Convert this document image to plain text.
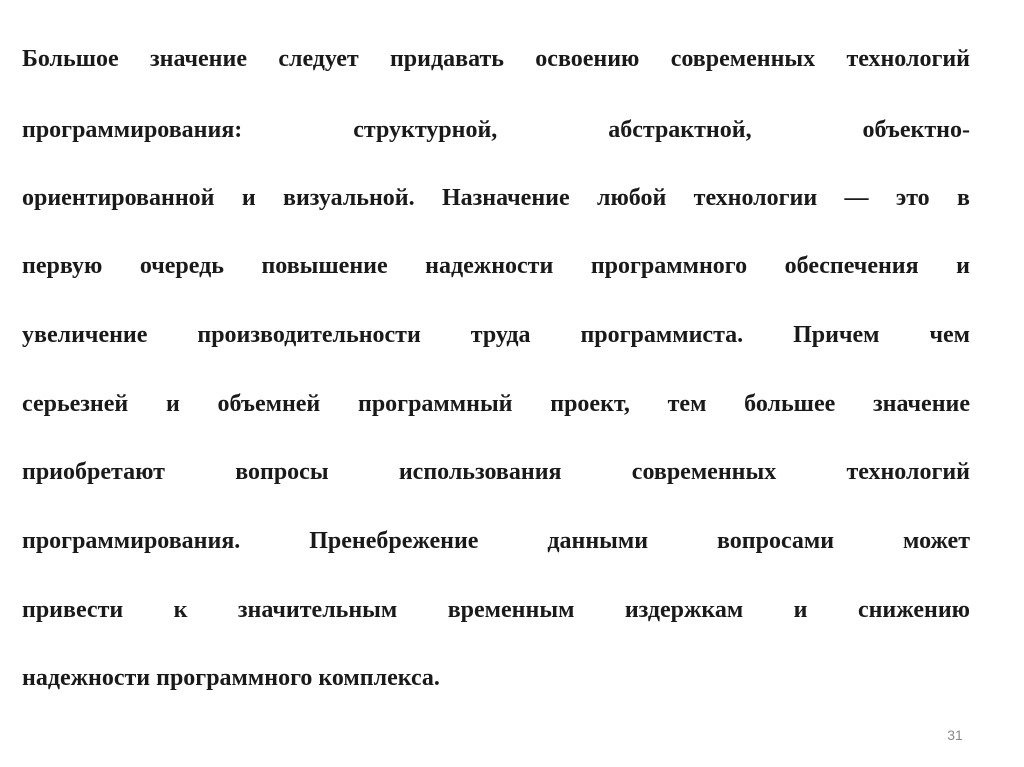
Большое значение следует придавать освоению современных технологий
программирования: структурной, абстрактной, объектно-
ориентированной и визуальной. Назначение любой технологии — это в
первую очередь повышение надежности программного обеспечения и
увеличение производительности труда программиста. Причем чем
серьезней и объемней программный проект, тем большее значение
приобретают вопросы использования современных технологий
программирования. Пренебрежение данными вопросами может
привести к значительным временным издержкам и снижению
надежности программного комплекса.
31
